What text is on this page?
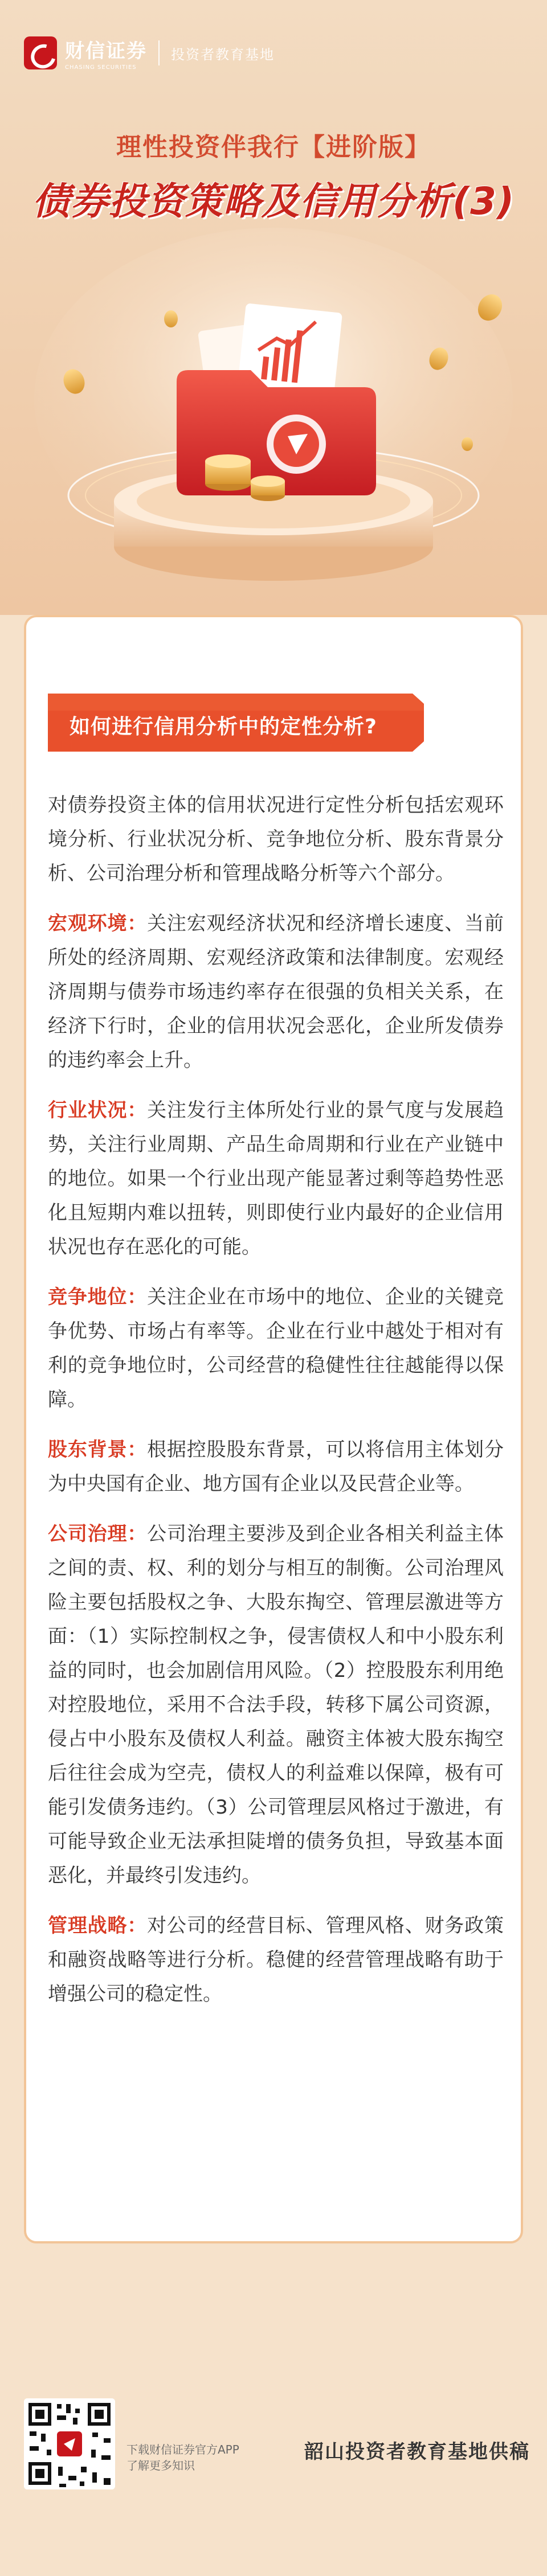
财信证券
CHASING SECURITIES
投资者教育基地
理性投资伴我行【进阶版】
债券投资策略及信用分析(3)
如何进行信用分析中的定性分析?

对债券投资主体的信用状况进行定性分析包括宏观环境分析、行业状况分析、竞争地位分析、股东背景分析、公司治理分析和管理战略分析等六个部分。

宏观环境：关注宏观经济状况和经济增长速度、当前所处的经济周期、宏观经济政策和法律制度。宏观经济周期与债券市场违约率存在很强的负相关关系，在经济下行时，企业的信用状况会恶化，企业所发债券的违约率会上升。

行业状况：关注发行主体所处行业的景气度与发展趋势，关注行业周期、产品生命周期和行业在产业链中的地位。如果一个行业出现产能显著过剩等趋势性恶化且短期内难以扭转，则即使行业内最好的企业信用状况也存在恶化的可能。

竞争地位：关注企业在市场中的地位、企业的关键竞争优势、市场占有率等。企业在行业中越处于相对有利的竞争地位时，公司经营的稳健性往往越能得以保障。

股东背景：根据控股股东背景，可以将信用主体划分为中央国有企业、地方国有企业以及民营企业等。

公司治理：公司治理主要涉及到企业各相关利益主体之间的责、权、利的划分与相互的制衡。公司治理风险主要包括股权之争、大股东掏空、管理层激进等方面：（1）实际控制权之争，侵害债权人和中小股东利益的同时，也会加剧信用风险。（2）控股股东利用绝对控股地位，采用不合法手段，转移下属公司资源，侵占中小股东及债权人利益。融资主体被大股东掏空后往往会成为空壳，债权人的利益难以保障，极有可能引发债务违约。（3）公司管理层风格过于激进，有可能导致企业无法承担陡增的债务负担，导致基本面恶化，并最终引发违约。

管理战略：对公司的经营目标、管理风格、财务政策和融资战略等进行分析。稳健的经营管理战略有助于增强公司的稳定性。

下载财信证券官方APP
了解更多知识
韶山投资者教育基地供稿
